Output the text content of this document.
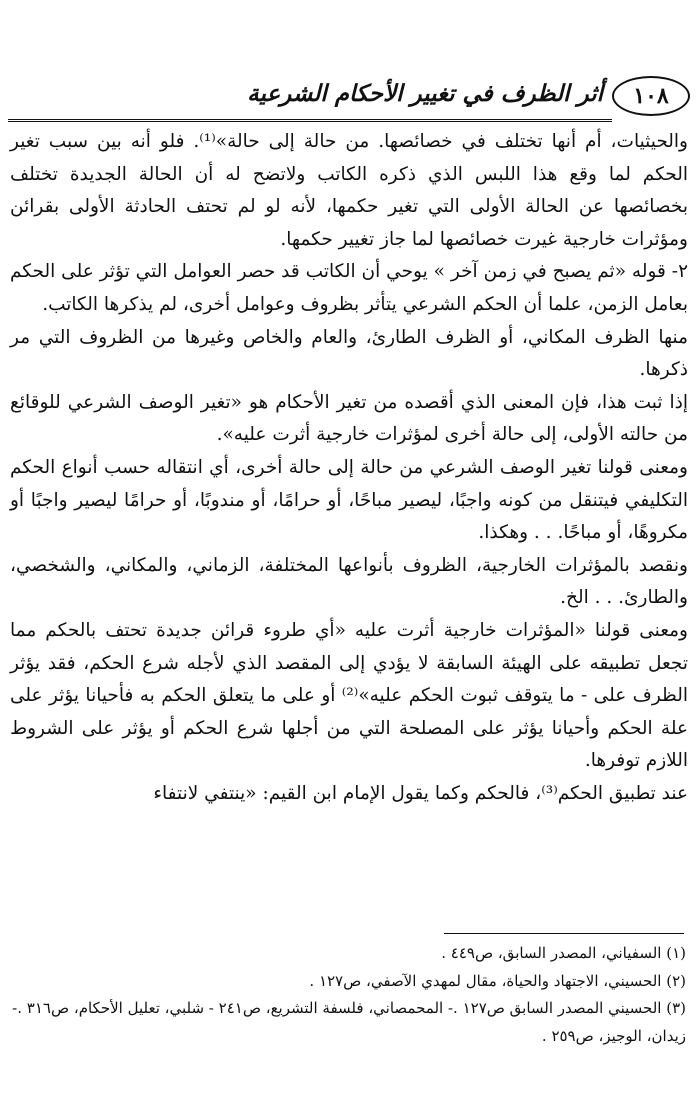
١٠٨
أثر الظرف في تغيير الأحكام الشرعية

والحيثيات، أم أنها تختلف في خصائصها. من حالة إلى حالة»⁽¹⁾. فلو أنه بين سبب تغير الحكم لما وقع هذا اللبس الذي ذكره الكاتب ولاتضح له أن الحالة الجديدة تختلف بخصائصها عن الحالة الأولى التي تغير حكمها، لأنه لو لم تحتف الحادثة الأولى بقرائن ومؤثرات خارجية غيرت خصائصها لما جاز تغيير حكمها.

٢- قوله «ثم يصبح في زمن آخر » يوحي أن الكاتب قد حصر العوامل التي تؤثر على الحكم بعامل الزمن، علما أن الحكم الشرعي يتأثر بظروف وعوامل أخرى، لم يذكرها الكاتب.

منها الظرف المكاني، أو الظرف الطارئ، والعام والخاص وغيرها من الظروف التي مر ذكرها.

إذا ثبت هذا، فإن المعنى الذي أقصده من تغير الأحكام هو «تغير الوصف الشرعي للوقائع من حالته الأولى، إلى حالة أخرى لمؤثرات خارجية أثرت عليه».

ومعنى قولنا تغير الوصف الشرعي من حالة إلى حالة أخرى، أي انتقاله حسب أنواع الحكم التكليفي فيتنقل من كونه واجبًا، ليصير مباحًا، أو حرامًا، أو مندوبًا، أو حرامًا ليصير واجبًا أو مكروهًا، أو مباحًا. . . وهكذا.

ونقصد بالمؤثرات الخارجية، الظروف بأنواعها المختلفة، الزماني، والمكاني، والشخصي، والطارئ. . . الخ.

ومعنى قولنا «المؤثرات خارجية أثرت عليه «أي طروء قرائن جديدة تحتف بالحكم مما تجعل تطبيقه على الهيئة السابقة لا يؤدي إلى المقصد الذي لأجله شرع الحكم، فقد يؤثر الظرف على - ما يتوقف ثبوت الحكم عليه»⁽²⁾ أو على ما يتعلق الحكم به فأحيانا يؤثر على علة الحكم وأحيانا يؤثر على المصلحة التي من أجلها شرع الحكم أو يؤثر على الشروط اللازم توفرها.

عند تطبيق الحكم⁽³⁾، فالحكم وكما يقول الإمام ابن القيم: «ينتفي لانتفاء

(١) السفياني، المصدر السابق، ص٤٤٩ .

(٢) الحسيني، الاجتهاد والحياة، مقال لمهدي الآصفي، ص١٢٧ .

(٣) الحسيني المصدر السابق ص١٢٧ .- المحمصاني، فلسفة التشريع، ص٢٤١ - شلبي، تعليل الأحكام، ص٣١٦ .- زيدان، الوجيز، ص٢٥٩ .
